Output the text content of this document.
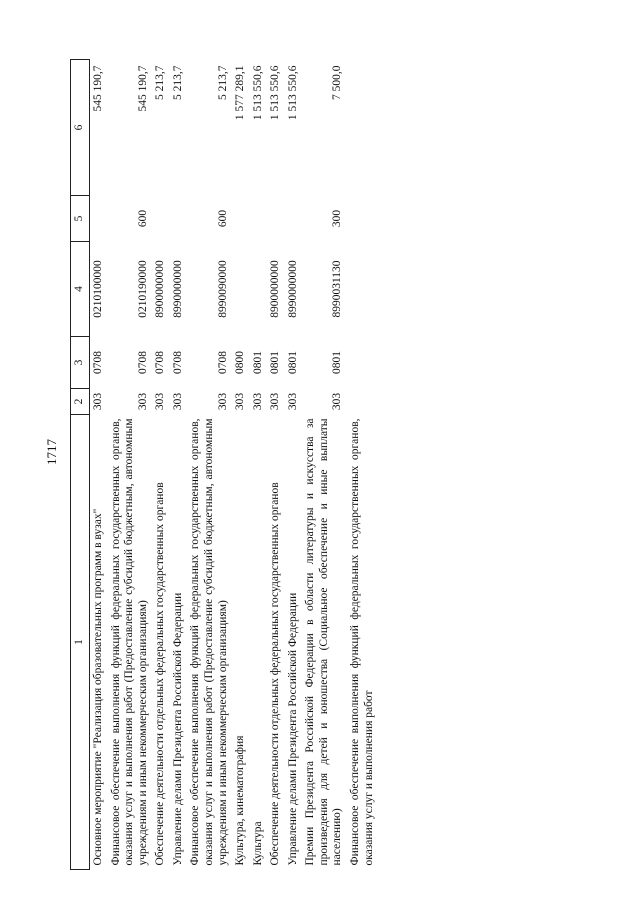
1717
1	2	3	4	5	6
Основное мероприятие "Реализация образовательных программ в вузах"	303	0708	0210100000		545 190,7
Финансовое обеспечение выполнения функций федеральных государственных органов, оказания услуг и выполнения работ (Предоставление субсидий бюджетным, автономным учреждениям и иным некоммерческим организациям)	303	0708	0210190000	600	545 190,7
Обеспечение деятельности отдельных федеральных государственных органов	303	0708	8900000000		5 213,7
Управление делами Президента Российской Федерации	303	0708	8990000000		5 213,7
Финансовое обеспечение выполнения функций федеральных государственных органов, оказания услуг и выполнения работ (Предоставление субсидий бюджетным, автономным учреждениям и иным некоммерческим организациям)	303	0708	8990090000	600	5 213,7
Культура, кинематография	303	0800			1 577 289,1
Культура	303	0801			1 513 550,6
Обеспечение деятельности отдельных федеральных государственных органов	303	0801	8900000000		1 513 550,6
Управление делами Президента Российской Федерации	303	0801	8990000000		1 513 550,6
Премии Президента Российской Федерации в области литературы и искусства за произведения для детей и юношества (Социальное обеспечение и иные выплаты населению)	303	0801	8990031130	300	7 500,0
Финансовое обеспечение выполнения функций федеральных государственных органов, оказания услуг и выполнения работ					
